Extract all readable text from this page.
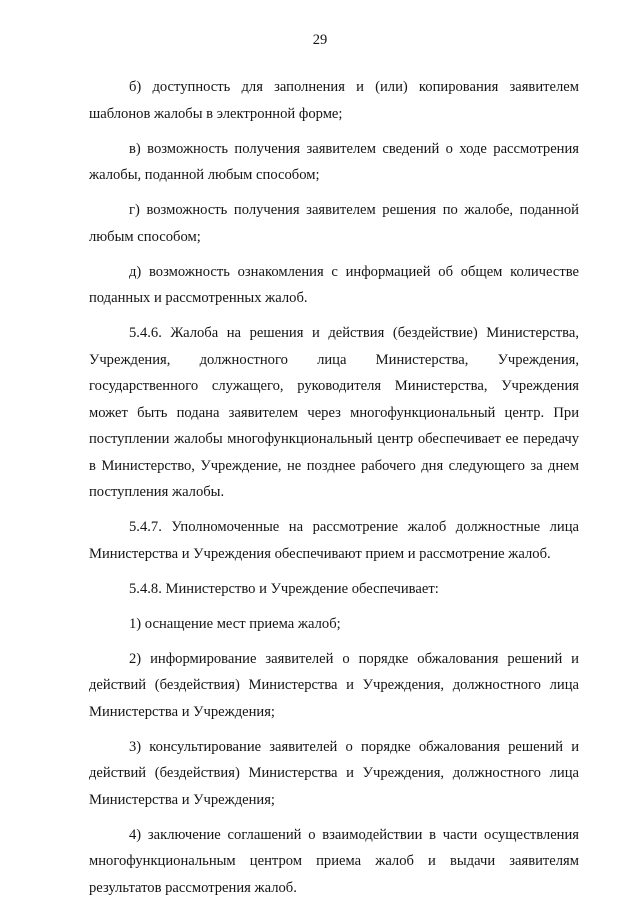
29

б) доступность для заполнения и (или) копирования заявителем шаблонов жалобы в электронной форме;

в) возможность получения заявителем сведений о ходе рассмотрения жалобы, поданной любым способом;

г) возможность получения заявителем решения по жалобе, поданной любым способом;

д) возможность ознакомления с информацией об общем количестве поданных и рассмотренных жалоб.

5.4.6. Жалоба на решения и действия (бездействие) Министерства, Учреждения, должностного лица Министерства, Учреждения, государственного служащего, руководителя Министерства, Учреждения может быть подана заявителем через многофункциональный центр. При поступлении жалобы многофункциональный центр обеспечивает ее передачу в Министерство, Учреждение, не позднее рабочего дня следующего за днем поступления жалобы.

5.4.7. Уполномоченные на рассмотрение жалоб должностные лица Министерства и Учреждения обеспечивают прием и рассмотрение жалоб.

5.4.8. Министерство и Учреждение обеспечивает:

1) оснащение мест приема жалоб;

2) информирование заявителей о порядке обжалования решений и действий (бездействия) Министерства и Учреждения, должностного лица Министерства и Учреждения;

3) консультирование заявителей о порядке обжалования решений и действий (бездействия) Министерства и Учреждения, должностного лица Министерства и Учреждения;

4) заключение соглашений о взаимодействии в части осуществления многофункциональным центром приема жалоб и выдачи заявителям результатов рассмотрения жалоб.
